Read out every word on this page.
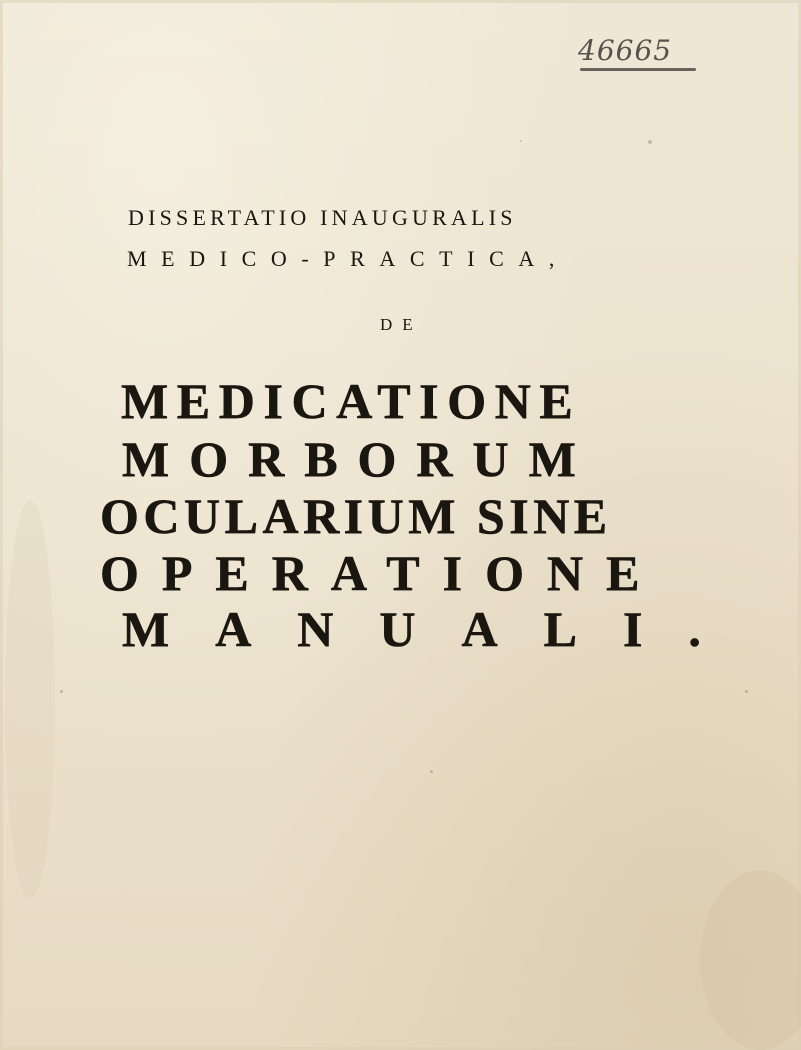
46665
DISSERTATIO INAUGURALIS
MEDICO-PRACTICA,
DE
MEDICATIONE
MORBORUM
OCULARIUM SINE
OPERATIONE
MANUALI.
